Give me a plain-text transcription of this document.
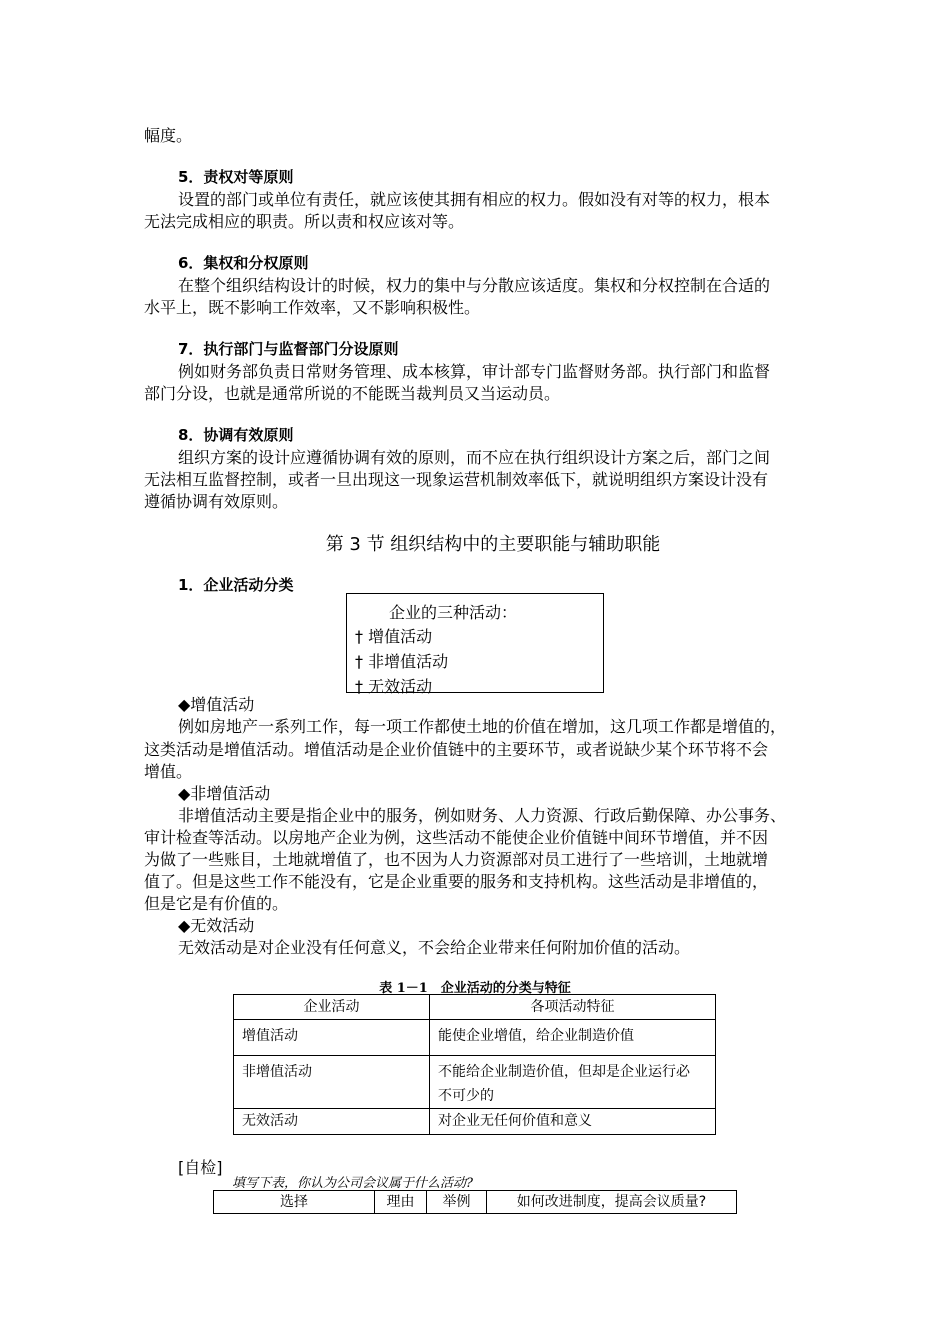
幅度。
5．责权对等原则
设置的部门或单位有责任，就应该使其拥有相应的权力。假如没有对等的权力，根本
无法完成相应的职责。所以责和权应该对等。
6．集权和分权原则
在整个组织结构设计的时候，权力的集中与分散应该适度。集权和分权控制在合适的
水平上，既不影响工作效率，又不影响积极性。
7．执行部门与监督部门分设原则
例如财务部负责日常财务管理、成本核算，审计部专门监督财务部。执行部门和监督
部门分设，也就是通常所说的不能既当裁判员又当运动员。
8．协调有效原则
组织方案的设计应遵循协调有效的原则，而不应在执行组织设计方案之后，部门之间
无法相互监督控制，或者一旦出现这一现象运营机制效率低下，就说明组织方案设计没有
遵循协调有效原则。
第 3 节 组织结构中的主要职能与辅助职能
1．企业活动分类
企业的三种活动：
† 增值活动
† 非增值活动
† 无效活动
◆增值活动
例如房地产一系列工作，每一项工作都使土地的价值在增加，这几项工作都是增值的，
这类活动是增值活动。增值活动是企业价值链中的主要环节，或者说缺少某个环节将不会
增值。
◆非增值活动
非增值活动主要是指企业中的服务，例如财务、人力资源、行政后勤保障、办公事务、
审计检查等活动。以房地产企业为例，这些活动不能使企业价值链中间环节增值，并不因
为做了一些账目，土地就增值了，也不因为人力资源部对员工进行了一些培训，土地就增
值了。但是这些工作不能没有，它是企业重要的服务和支持机构。这些活动是非增值的，
但是它是有价值的。
◆无效活动
无效活动是对企业没有任何意义，不会给企业带来任何附加价值的活动。
表 1－1　企业活动的分类与特征
企业活动	各项活动特征
增值活动	能使企业增值，给企业制造价值
非增值活动	不能给企业制造价值，但却是企业运行必
不可少的

无效活动	对企业无任何价值和意义
[自检]
填写下表，你认为公司会议属于什么活动?
选择	理由	举例	如何改进制度，提高会议质量?
